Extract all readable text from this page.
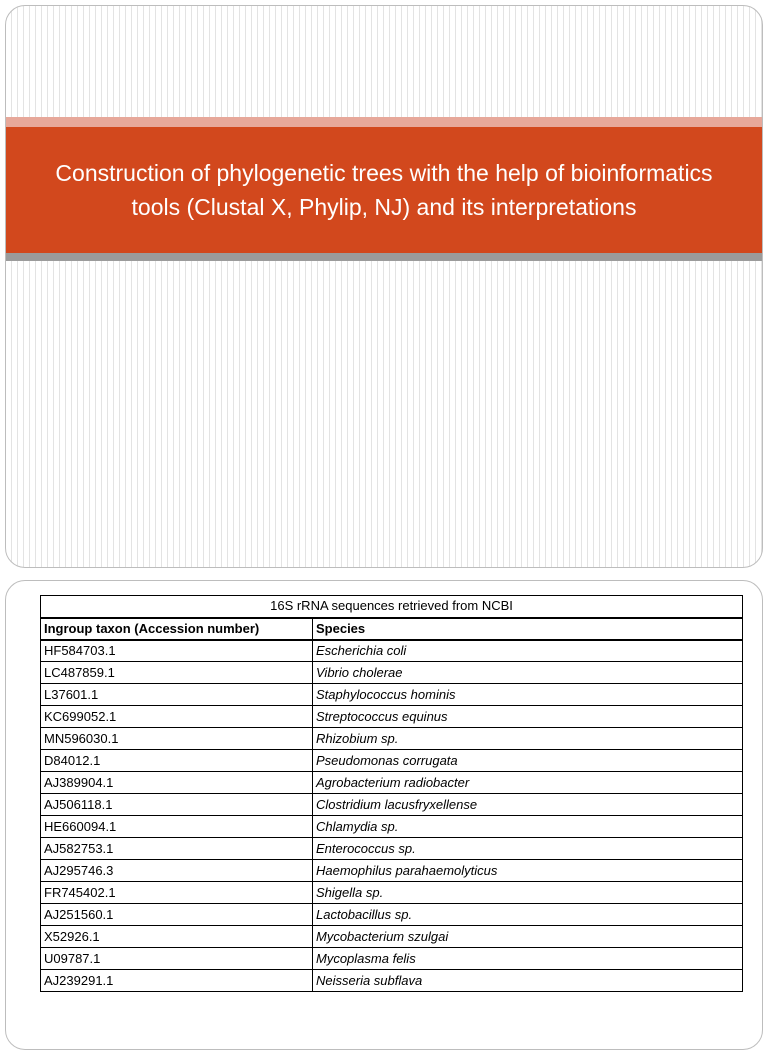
Construction of phylogenetic trees with the help of bioinformatics tools (Clustal X, Phylip, NJ) and its interpretations
16S rRNA sequences retrieved from NCBI	
Ingroup taxon (Accession number)	Species
HF584703.1	Escherichia coli
LC487859.1	Vibrio cholerae
L37601.1	Staphylococcus hominis
KC699052.1	Streptococcus equinus
MN596030.1	Rhizobium sp.
D84012.1	Pseudomonas corrugata
AJ389904.1	Agrobacterium radiobacter
AJ506118.1	Clostridium lacusfryxellense
HE660094.1	Chlamydia sp.
AJ582753.1	Enterococcus sp.
AJ295746.3	Haemophilus parahaemolyticus
FR745402.1	Shigella sp.
AJ251560.1	Lactobacillus sp.
X52926.1	Mycobacterium szulgai
U09787.1	Mycoplasma felis
AJ239291.1	Neisseria subflava
